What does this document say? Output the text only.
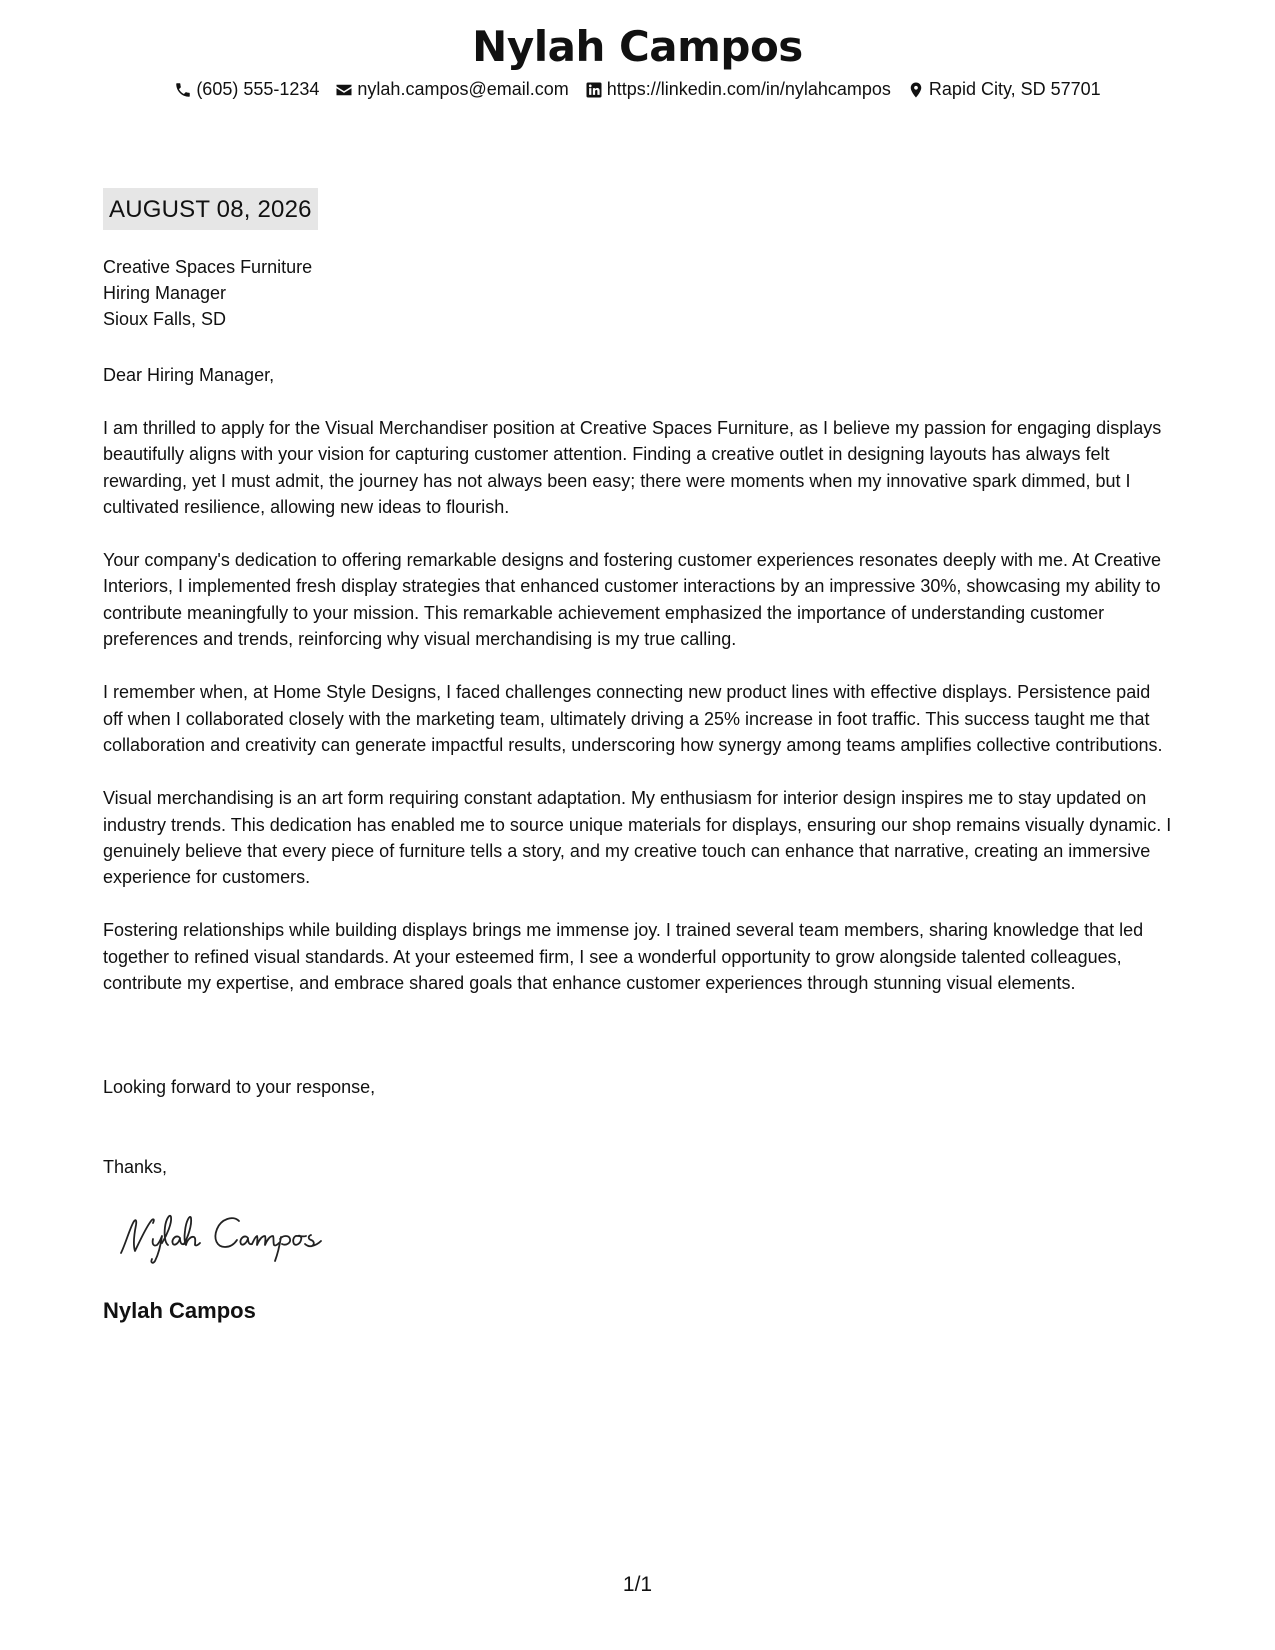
Nylah Campos
(605) 555-1234 nylah.campos@email.com https://linkedin.com/in/nylahcampos Rapid City, SD 57701
AUGUST 08, 2026
Creative Spaces Furniture
Hiring Manager
Sioux Falls, SD
Dear Hiring Manager,

I am thrilled to apply for the Visual Merchandiser position at Creative Spaces Furniture, as I believe my passion for engaging displays beautifully aligns with your vision for capturing customer attention. Finding a creative outlet in designing layouts has always felt rewarding, yet I must admit, the journey has not always been easy; there were moments when my innovative spark dimmed, but I cultivated resilience, allowing new ideas to flourish.

Your company's dedication to offering remarkable designs and fostering customer experiences resonates deeply with me. At Creative Interiors, I implemented fresh display strategies that enhanced customer interactions by an impressive 30%, showcasing my ability to contribute meaningfully to your mission. This remarkable achievement emphasized the importance of understanding customer preferences and trends, reinforcing why visual merchandising is my true calling.

I remember when, at Home Style Designs, I faced challenges connecting new product lines with effective displays. Persistence paid off when I collaborated closely with the marketing team, ultimately driving a 25% increase in foot traffic. This success taught me that collaboration and creativity can generate impactful results, underscoring how synergy among teams amplifies collective contributions.

Visual merchandising is an art form requiring constant adaptation. My enthusiasm for interior design inspires me to stay updated on industry trends. This dedication has enabled me to source unique materials for displays, ensuring our shop remains visually dynamic. I genuinely believe that every piece of furniture tells a story, and my creative touch can enhance that narrative, creating an immersive experience for customers.

Fostering relationships while building displays brings me immense joy. I trained several team members, sharing knowledge that led together to refined visual standards. At your esteemed firm, I see a wonderful opportunity to grow alongside talented colleagues, contribute my expertise, and embrace shared goals that enhance customer experiences through stunning visual elements.

Looking forward to your response,
Thanks,
Nylah Campos
1/1
